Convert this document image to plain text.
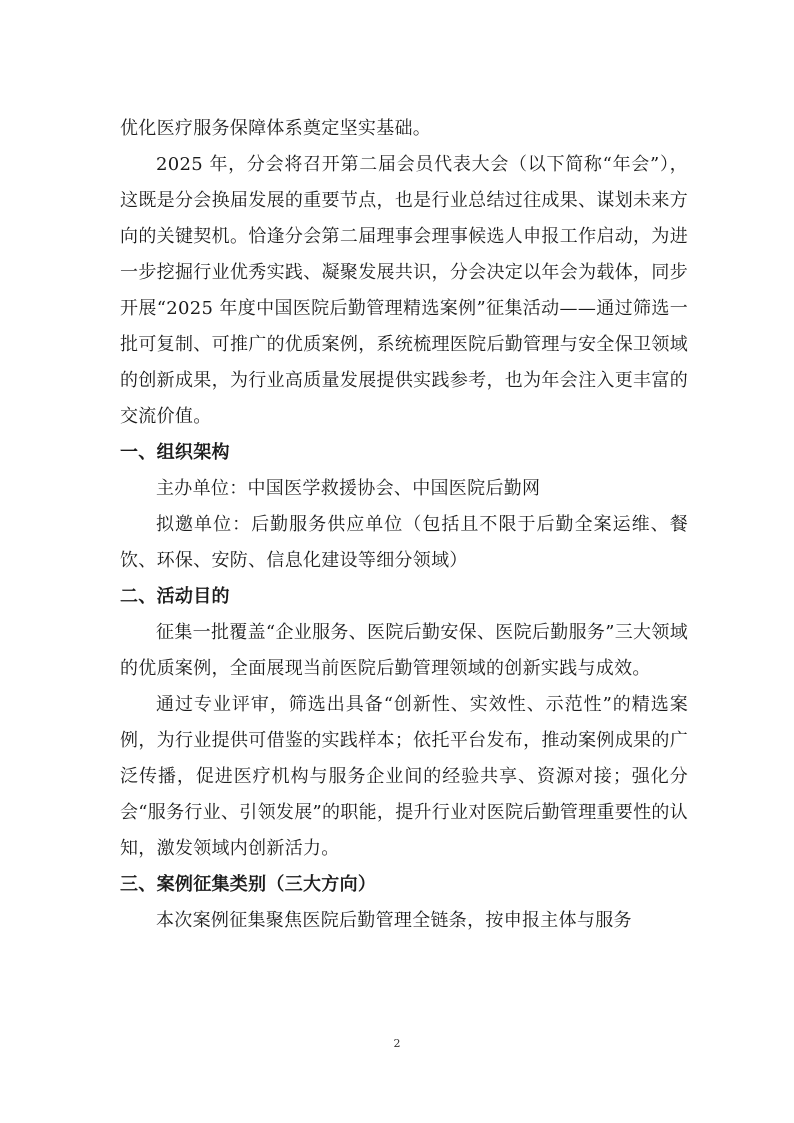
优化医疗服务保障体系奠定坚实基础。

2025 年，分会将召开第二届会员代表大会（以下简称“年会”），这既是分会换届发展的重要节点，也是行业总结过往成果、谋划未来方向的关键契机。恰逢分会第二届理事会理事候选人申报工作启动，为进一步挖掘行业优秀实践、凝聚发展共识，分会决定以年会为载体，同步开展“2025 年度中国医院后勤管理精选案例”征集活动——通过筛选一批可复制、可推广的优质案例，系统梳理医院后勤管理与安全保卫领域的创新成果，为行业高质量发展提供实践参考，也为年会注入更丰富的交流价值。

一、组织架构

主办单位：中国医学救援协会、中国医院后勤网

拟邀单位：后勤服务供应单位（包括且不限于后勤全案运维、餐饮、环保、安防、信息化建设等细分领域）

二、活动目的

征集一批覆盖“企业服务、医院后勤安保、医院后勤服务”三大领域的优质案例，全面展现当前医院后勤管理领域的创新实践与成效。

通过专业评审，筛选出具备“创新性、实效性、示范性”的精选案例，为行业提供可借鉴的实践样本；依托平台发布，推动案例成果的广泛传播，促进医疗机构与服务企业间的经验共享、资源对接；强化分会“服务行业、引领发展”的职能，提升行业对医院后勤管理重要性的认知，激发领域内创新活力。

三、案例征集类别（三大方向）

本次案例征集聚焦医院后勤管理全链条，按申报主体与服务

2
